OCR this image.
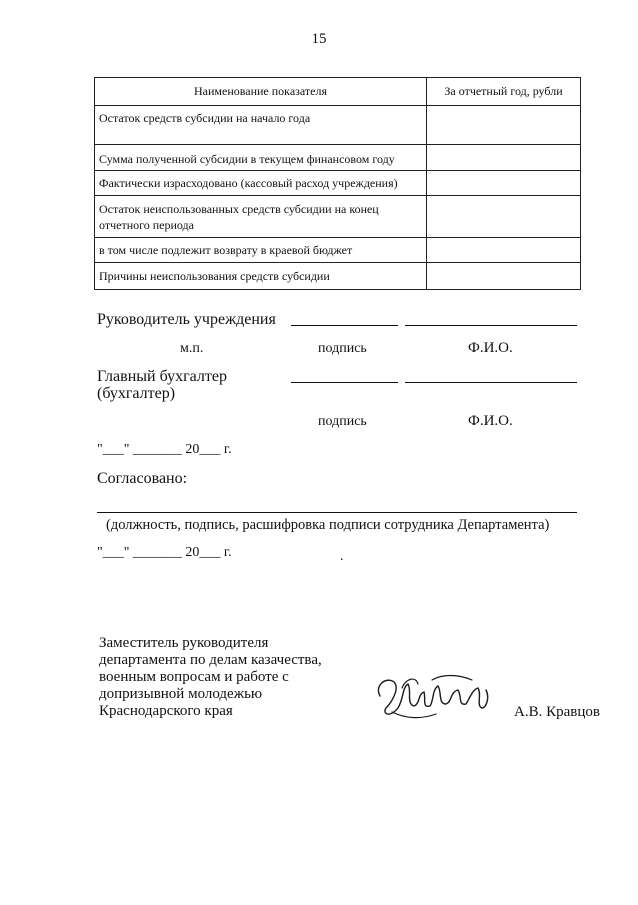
15
Наименование показателя	За отчетный год, рубли
Остаток средств субсидии на начало года	
Сумма полученной субсидии в текущем финансовом году	
Фактически израсходовано (кассовый расход учреждения)	
Остаток неиспользованных средств субсидии на конец отчетного периода	
в том числе подлежит возврату в краевой бюджет	
Причины неиспользования средств субсидии	
Руководитель учреждения
м.п.	подпись	Ф.И.О.
Главный бухгалтер
(бухгалтер)
подпись	Ф.И.О.
"___" _______ 20___ г.
Согласовано:
(должность, подпись, расшифровка подписи сотрудника Департамента)
"___" _______ 20___ г.	.
Заместитель руководителя
департамента по делам казачества,
военным вопросам и работе с
допризывной молодежью
Краснодарского края	А.В. Кравцов
